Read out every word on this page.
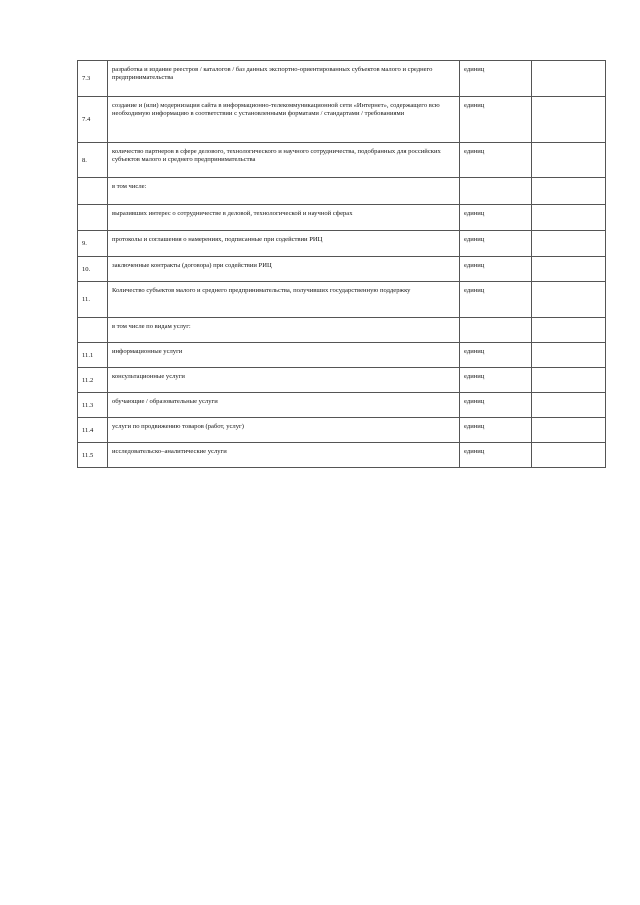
7.3	разработка и издание реестров / каталогов / баз данных экспортно-ориентированных субъектов малого и среднего предпринимательства	единиц	
7.4	создание и (или) модернизация сайта в информационно-телекоммуникационной сети «Интернет», содержащего всю необходимую информацию в соответствии с установленными форматами / стандартами / требованиями	единиц	
8.	количество партнеров в сфере делового, технологического и научного сотрудничества, подобранных для российских субъектов малого и среднего предпринимательства	единиц	
	в том числе:		
	выразивших интерес о сотрудничестве в деловой, технологической и научной сферах	единиц	
9.	протоколы и соглашения о намерениях, подписанные при содействии РИЦ	единиц	
10.	заключенные контракты (договора) при содействии РИЦ	единиц	
11.	Количество субъектов малого и среднего предпринимательства, получивших государственную поддержку	единиц	
	в том числе по видам услуг:		
11.1	информационные услуги	единиц	
11.2	консультационные услуги	единиц	
11.3	обучающие / образовательные услуги	единиц	
11.4	услуги по продвижению товаров (работ, услуг)	единиц	
11.5	исследовательско–аналитические услуги	единиц	
